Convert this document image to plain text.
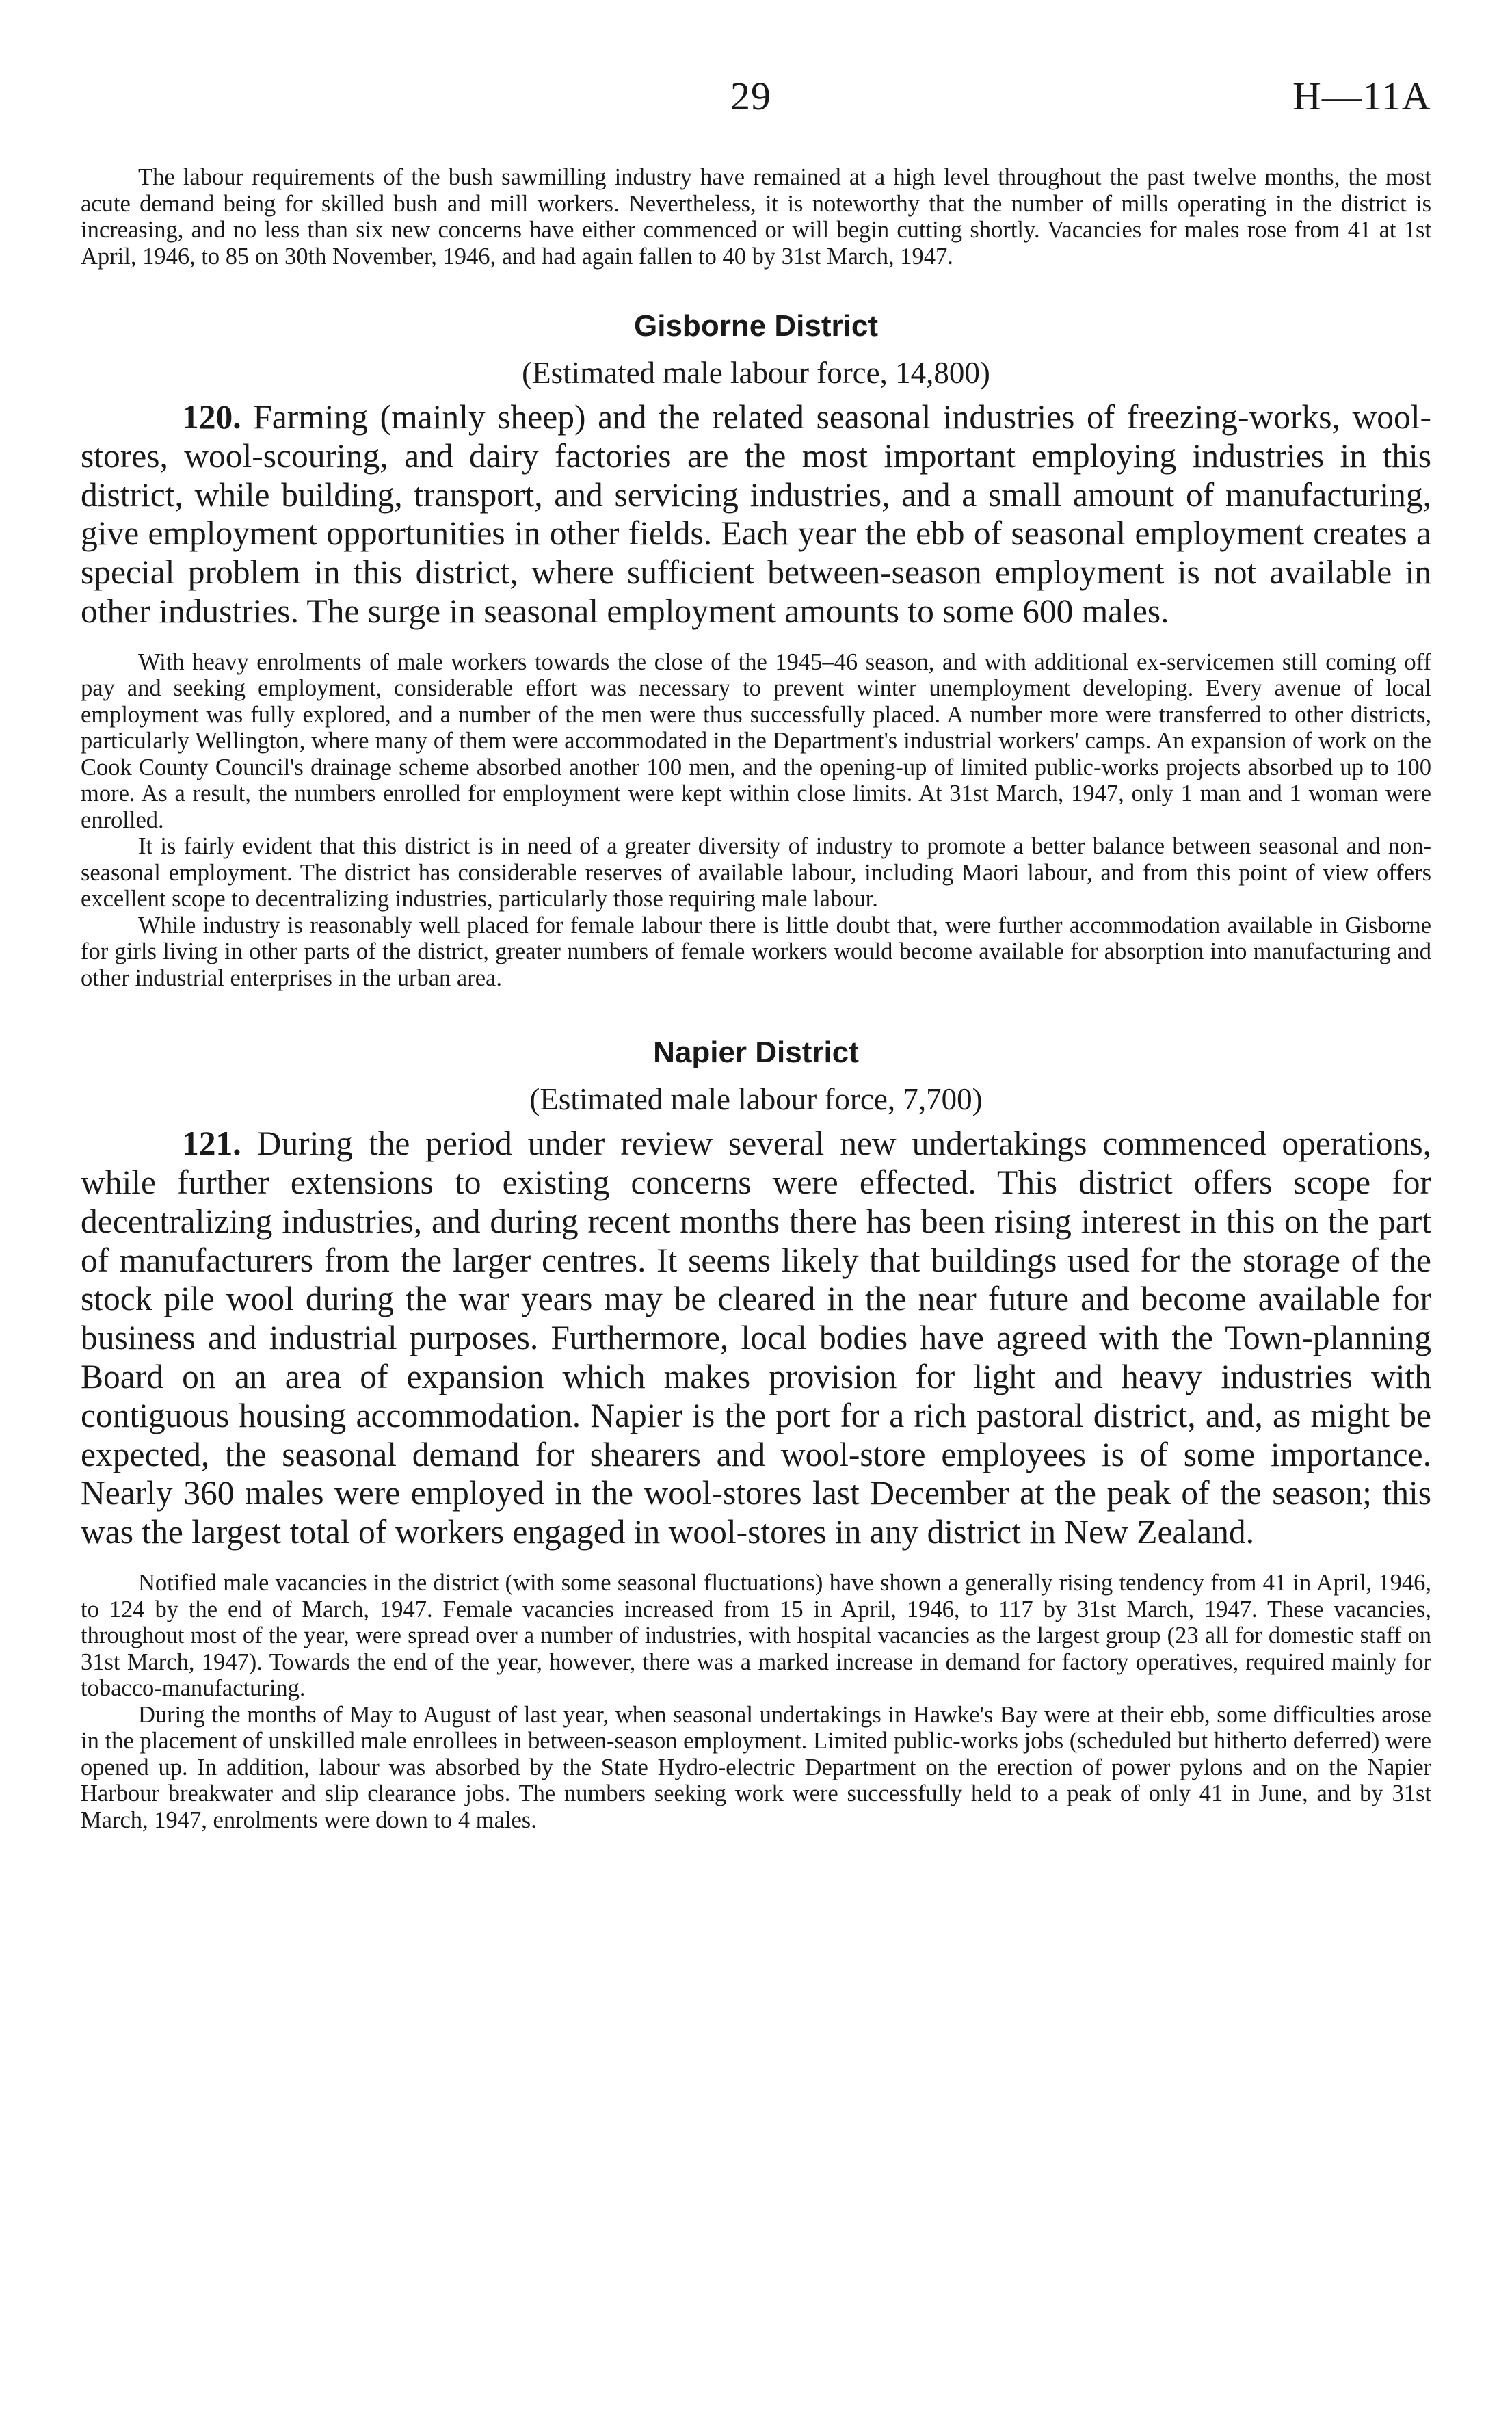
29	H—11A

The labour requirements of the bush sawmilling industry have remained at a high level throughout the past twelve months, the most acute demand being for skilled bush and mill workers. Nevertheless, it is noteworthy that the number of mills operating in the district is increasing, and no less than six new concerns have either commenced or will begin cutting shortly. Vacancies for males rose from 41 at 1st April, 1946, to 85 on 30th November, 1946, and had again fallen to 40 by 31st March, 1947.

Gisborne District

(Estimated male labour force, 14,800)

120. Farming (mainly sheep) and the related seasonal industries of freezing-works, wool-stores, wool-scouring, and dairy factories are the most important employing industries in this district, while building, transport, and servicing industries, and a small amount of manufacturing, give employment opportunities in other fields. Each year the ebb of seasonal employment creates a special problem in this district, where sufficient between-season employment is not available in other industries. The surge in seasonal employment amounts to some 600 males.

With heavy enrolments of male workers towards the close of the 1945–46 season, and with additional ex-servicemen still coming off pay and seeking employment, considerable effort was necessary to prevent winter unemployment developing. Every avenue of local employment was fully explored, and a number of the men were thus successfully placed. A number more were transferred to other districts, particularly Wellington, where many of them were accommodated in the Department's industrial workers' camps. An expansion of work on the Cook County Council's drainage scheme absorbed another 100 men, and the opening-up of limited public-works projects absorbed up to 100 more. As a result, the numbers enrolled for employment were kept within close limits. At 31st March, 1947, only 1 man and 1 woman were enrolled.

It is fairly evident that this district is in need of a greater diversity of industry to promote a better balance between seasonal and non-seasonal employment. The district has considerable reserves of available labour, including Maori labour, and from this point of view offers excellent scope to decentralizing industries, particularly those requiring male labour.

While industry is reasonably well placed for female labour there is little doubt that, were further accommodation available in Gisborne for girls living in other parts of the district, greater numbers of female workers would become available for absorption into manufacturing and other industrial enterprises in the urban area.

Napier District

(Estimated male labour force, 7,700)

121. During the period under review several new undertakings commenced operations, while further extensions to existing concerns were effected. This district offers scope for decentralizing industries, and during recent months there has been rising interest in this on the part of manufacturers from the larger centres. It seems likely that buildings used for the storage of the stock pile wool during the war years may be cleared in the near future and become available for business and industrial purposes. Furthermore, local bodies have agreed with the Town-planning Board on an area of expansion which makes provision for light and heavy industries with contiguous housing accommodation. Napier is the port for a rich pastoral district, and, as might be expected, the seasonal demand for shearers and wool-store employees is of some importance. Nearly 360 males were employed in the wool-stores last December at the peak of the season; this was the largest total of workers engaged in wool-stores in any district in New Zealand.

Notified male vacancies in the district (with some seasonal fluctuations) have shown a generally rising tendency from 41 in April, 1946, to 124 by the end of March, 1947. Female vacancies increased from 15 in April, 1946, to 117 by 31st March, 1947. These vacancies, throughout most of the year, were spread over a number of industries, with hospital vacancies as the largest group (23 all for domestic staff on 31st March, 1947). Towards the end of the year, however, there was a marked increase in demand for factory operatives, required mainly for tobacco-manufacturing.

During the months of May to August of last year, when seasonal undertakings in Hawke's Bay were at their ebb, some difficulties arose in the placement of unskilled male enrollees in between-season employment. Limited public-works jobs (scheduled but hitherto deferred) were opened up. In addition, labour was absorbed by the State Hydro-electric Department on the erection of power pylons and on the Napier Harbour breakwater and slip clearance jobs. The numbers seeking work were successfully held to a peak of only 41 in June, and by 31st March, 1947, enrolments were down to 4 males.
